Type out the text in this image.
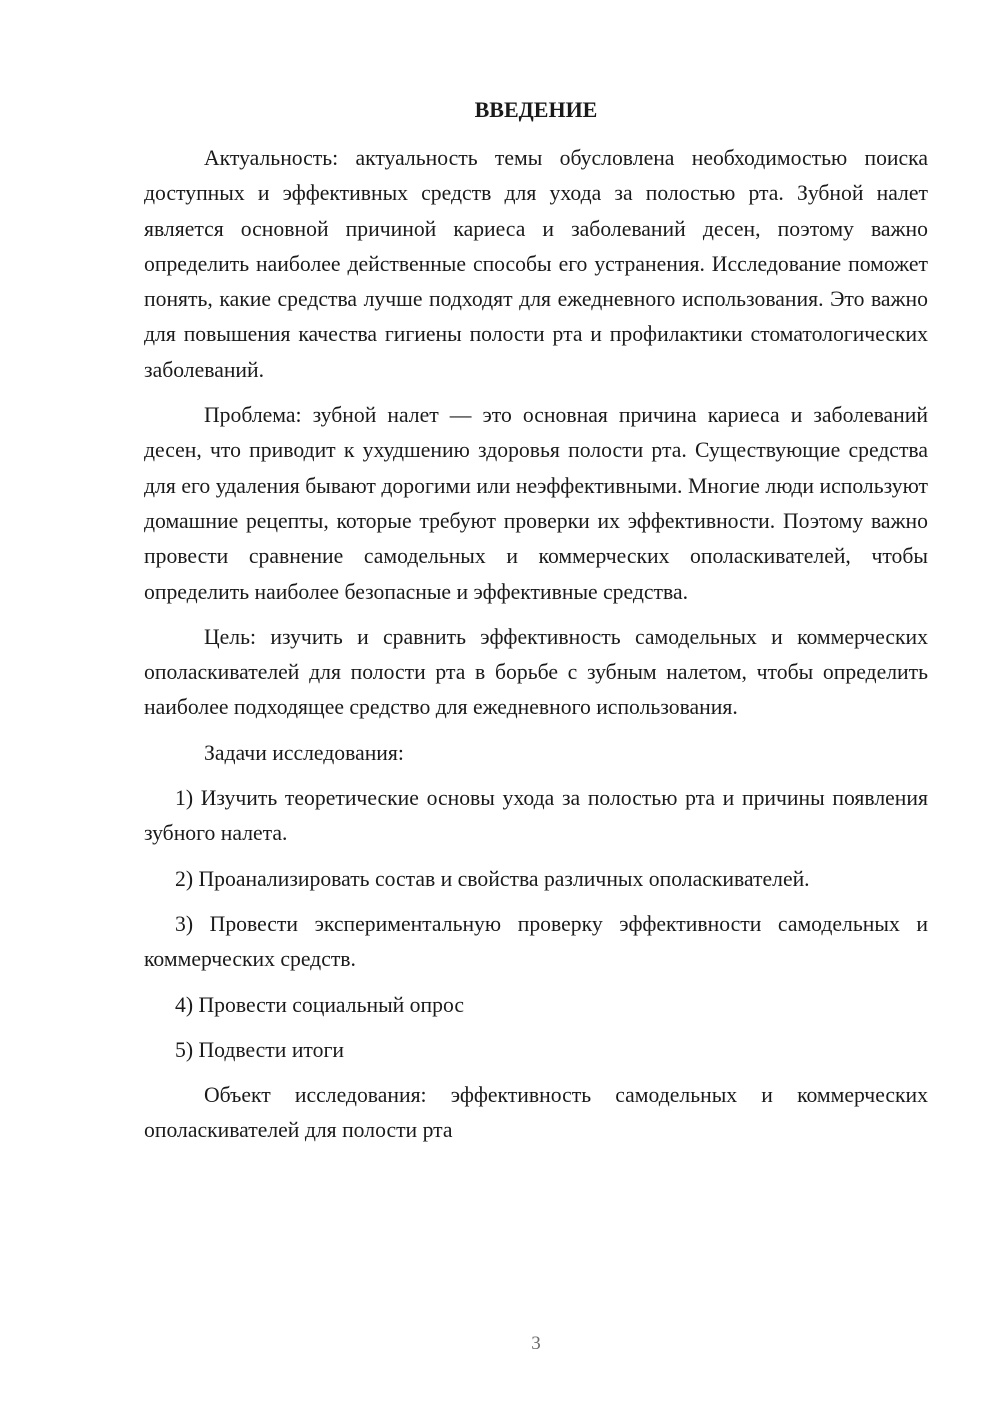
ВВЕДЕНИЕ

Актуальность: актуальность темы обусловлена необходимостью поиска доступных и эффективных средств для ухода за полостью рта. Зубной налет является основной причиной кариеса и заболеваний десен, поэтому важно определить наиболее действенные способы его устранения. Исследование поможет понять, какие средства лучше подходят для ежедневного использования. Это важно для повышения качества гигиены полости рта и профилактики стоматологических заболеваний.

Проблема: зубной налет — это основная причина кариеса и заболеваний десен, что приводит к ухудшению здоровья полости рта. Существующие средства для его удаления бывают дорогими или неэффективными. Многие люди используют домашние рецепты, которые требуют проверки их эффективности. Поэтому важно провести сравнение самодельных и коммерческих ополаскивателей, чтобы определить наиболее безопасные и эффективные средства.

Цель: изучить и сравнить эффективность самодельных и коммерческих ополаскивателей для полости рта в борьбе с зубным налетом, чтобы определить наиболее подходящее средство для ежедневного использования.

Задачи исследования:

1) Изучить теоретические основы ухода за полостью рта и причины появления зубного налета.

2) Проанализировать состав и свойства различных ополаскивателей.

3) Провести экспериментальную проверку эффективности самодельных и коммерческих средств.

4) Провести социальный опрос

5) Подвести итоги

Объект исследования: эффективность самодельных и коммерческих ополаскивателей для полости рта

3
